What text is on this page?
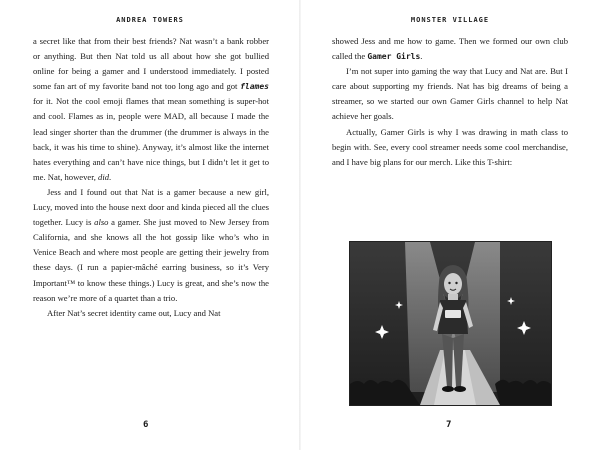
ANDREA TOWERS

a secret like that from their best friends? Nat wasn’t a bank robber or anything. But then Nat told us all about how she got bullied online for being a gamer and I understood immediately. I posted some fan art of my favorite band not too long ago and got flames for it. Not the cool emoji flames that mean something is super-hot and cool. Flames as in, people were MAD, all because I made the lead singer shorter than the drummer (the drummer is always in the back, it was his time to shine). Anyway, it’s almost like the internet hates everything and can’t have nice things, but I didn’t let it get to me. Nat, however, did.

Jess and I found out that Nat is a gamer because a new girl, Lucy, moved into the house next door and kinda pieced all the clues together. Lucy is also a gamer. She just moved to New Jersey from California, and she knows all the hot gossip like who’s who in Venice Beach and where most people are getting their jewelry from these days. (I run a papier-mâché earring business, so it’s Very Important™ to know these things.) Lucy is great, and she’s now the reason we’re more of a quartet than a trio.

After Nat’s secret identity came out, Lucy and Nat

6
MONSTER VILLAGE

showed Jess and me how to game. Then we formed our own club called the Gamer Girls.

I’m not super into gaming the way that Lucy and Nat are. But I care about supporting my friends. Nat has big dreams of being a streamer, so we started our own Gamer Girls channel to help Nat achieve her goals.

Actually, Gamer Girls is why I was drawing in math class to begin with. See, every cool streamer needs some cool merchandise, and I have big plans for our merch. Like this T-shirt:

7
